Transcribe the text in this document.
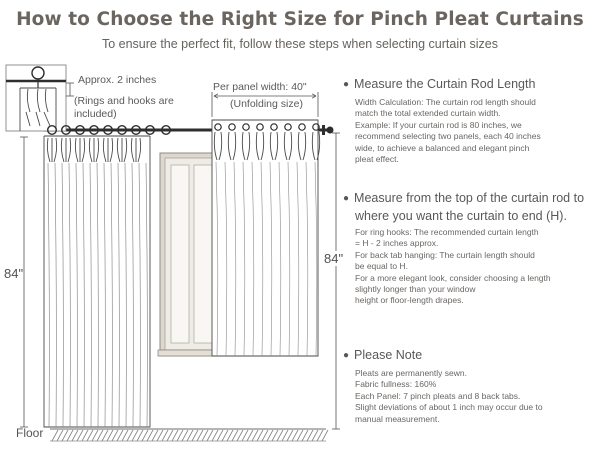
How to Choose the Right Size for Pinch Pleat Curtains
To ensure the perfect fit, follow these steps when selecting curtain sizes
Approx. 2 inches
(Rings and hooks are included)
Per panel width: 40"
(Unfolding size)
84"
84"
Floor
● Measure the Curtain Rod Length
Width Calculation: The curtain rod length should
match the total extended curtain width.
Example: If your curtain rod is 80 inches, we
recommend selecting two panels, each 40 inches
wide, to achieve a balanced and elegant pinch
pleat effect.
● Measure from the top of the curtain rod to where you want the curtain to end (H).
For ring hooks: The recommended curtain length
= H - 2 inches approx.
For back tab hanging: The curtain length should
be equal to H.
For a more elegant look, consider choosing a length
slightly longer than your window
height or floor-length drapes.
● Please Note
Pleats are permanently sewn.
Fabric fullness: 160%
Each Panel: 7 pinch pleats and 8 back tabs.
Slight deviations of about 1 inch may occur due to
manual measurement.
